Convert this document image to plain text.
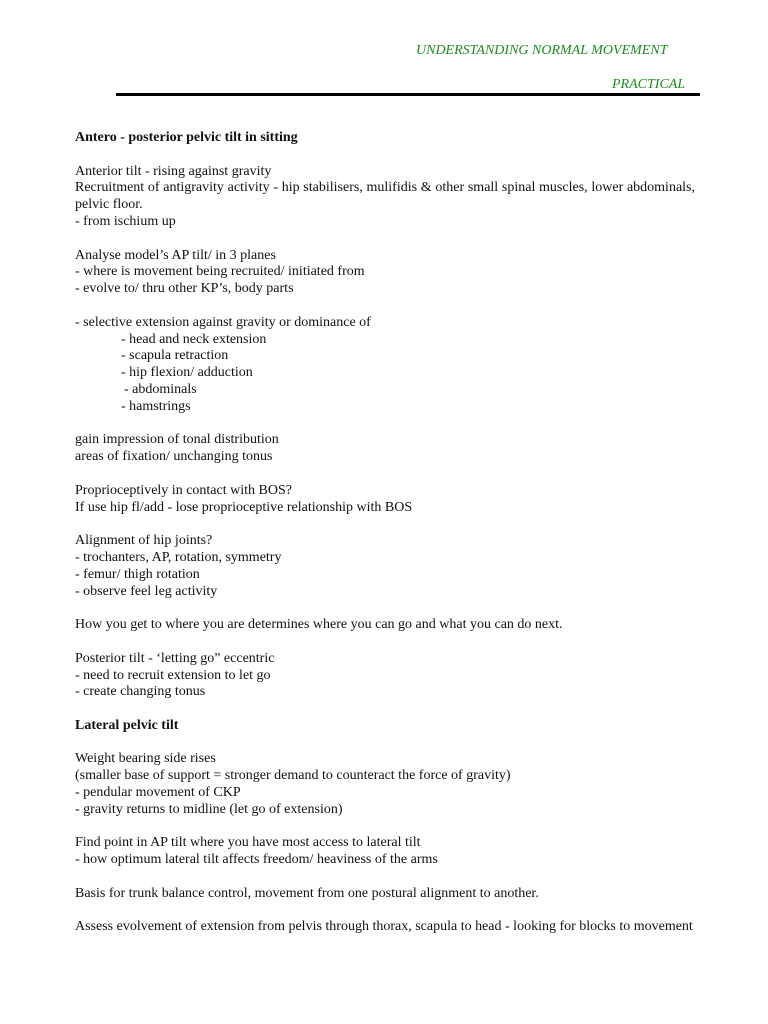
UNDERSTANDING NORMAL MOVEMENT
PRACTICAL

Antero - posterior pelvic tilt in sitting

Anterior tilt - rising against gravity

Recruitment of antigravity activity - hip stabilisers, mulifidis & other small spinal muscles, lower abdominals, pelvic floor.

- from ischium up

Analyse model’s AP tilt/ in 3 planes

- where is movement being recruited/ initiated from

- evolve to/ thru other KP’s, body parts

- selective extension against gravity or dominance of

- head and neck extension

- scapula retraction

- hip flexion/ adduction

- abdominals

- hamstrings

gain impression of tonal distribution

areas of fixation/ unchanging tonus

Proprioceptively in contact with BOS?

If use hip fl/add - lose proprioceptive relationship with BOS

Alignment of hip joints?

- trochanters, AP, rotation, symmetry

- femur/ thigh rotation

- observe feel leg activity

How you get to where you are determines where you can go and what you can do next.

Posterior tilt - ‘letting go” eccentric

- need to recruit extension to let go

- create changing tonus

Lateral pelvic tilt

Weight bearing side rises

(smaller base of support = stronger demand to counteract the force of gravity)

- pendular movement of CKP

- gravity returns to midline (let go of extension)

Find point in AP tilt where you have most access to lateral tilt

- how optimum lateral tilt affects freedom/ heaviness of the arms

Basis for trunk balance control, movement from one postural alignment to another.

Assess evolvement of extension from pelvis through thorax, scapula to head - looking for blocks to movement
